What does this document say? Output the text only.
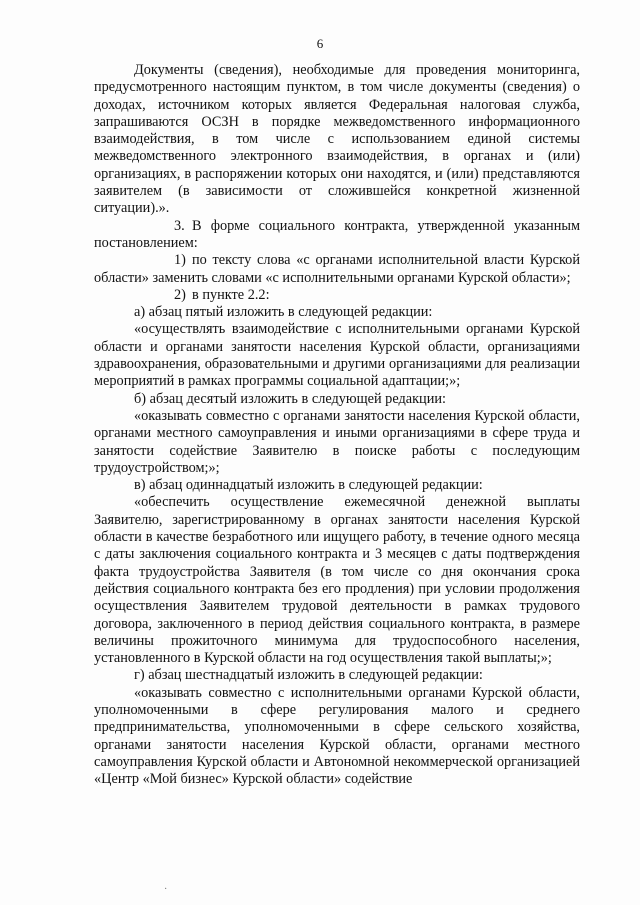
6

Документы (сведения), необходимые для проведения мониторинга, предусмотренного настоящим пунктом, в том числе документы (сведения) о доходах, источником которых является Федеральная налоговая служба, запрашиваются ОСЗН в порядке межведомственного информационного взаимодействия, в том числе с использованием единой системы межведомственного электронного взаимодействия, в органах и (или) организациях, в распоряжении которых они находятся, и (или) представляются заявителем (в зависимости от сложившейся конкретной жизненной ситуации).».

3. В форме социального контракта, утвержденной указанным постановлением:

1) по тексту слова «с органами исполнительной власти Курской области» заменить словами «с исполнительными органами Курской области»;

2) в пункте 2.2:

а) абзац пятый изложить в следующей редакции:

«осуществлять взаимодействие с исполнительными органами Курской области и органами занятости населения Курской области, организациями здравоохранения, образовательными и другими организациями для реализации мероприятий в рамках программы социальной адаптации;»;

б) абзац десятый изложить в следующей редакции:

«оказывать совместно с органами занятости населения Курской области, органами местного самоуправления и иными организациями в сфере труда и занятости содействие Заявителю в поиске работы с последующим трудоустройством;»;

в) абзац одиннадцатый изложить в следующей редакции:

«обеспечить осуществление ежемесячной денежной выплаты Заявителю, зарегистрированному в органах занятости населения Курской области в качестве безработного или ищущего работу, в течение одного месяца с даты заключения социального контракта и 3 месяцев с даты подтверждения факта трудоустройства Заявителя (в том числе со дня окончания срока действия социального контракта без его продления) при условии продолжения осуществления Заявителем трудовой деятельности в рамках трудового договора, заключенного в период действия социального контракта, в размере величины прожиточного минимума для трудоспособного населения, установленного в Курской области на год осуществления такой выплаты;»;

г) абзац шестнадцатый изложить в следующей редакции:

«оказывать совместно с исполнительными органами Курской области, уполномоченными в сфере регулирования малого и среднего предпринимательства, уполномоченными в сфере сельского хозяйства, органами занятости населения Курской области, органами местного самоуправления Курской области и Автономной некоммерческой организацией «Центр «Мой бизнес» Курской области» содействие

·
